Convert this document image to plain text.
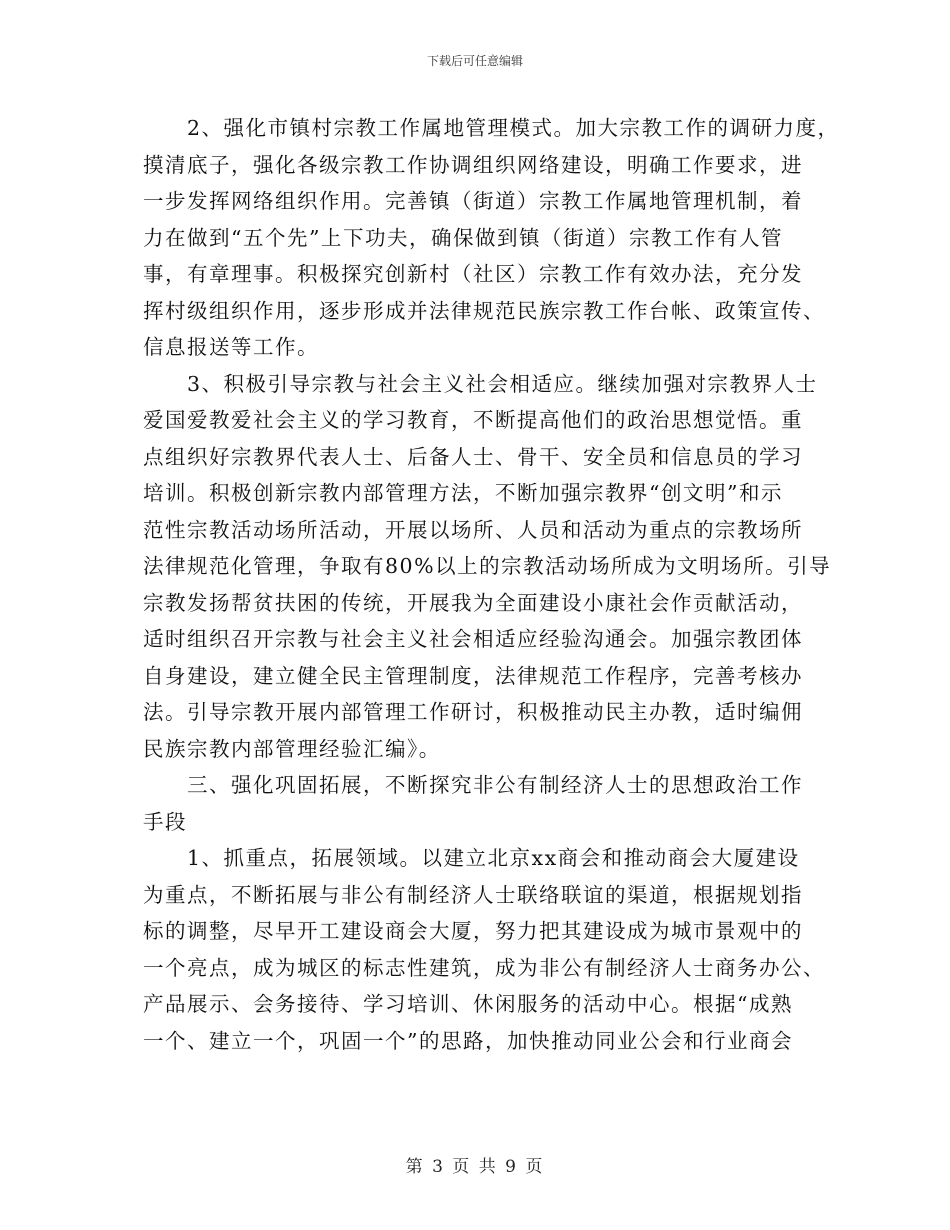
下载后可任意编辑
2、强化市镇村宗教工作属地管理模式。加大宗教工作的调研力度，
摸清底子，强化各级宗教工作协调组织网络建设，明确工作要求，进
一步发挥网络组织作用。完善镇（街道）宗教工作属地管理机制，着
力在做到“五个先”上下功夫，确保做到镇（街道）宗教工作有人管
事，有章理事。积极探究创新村（社区）宗教工作有效办法，充分发
挥村级组织作用，逐步形成并法律规范民族宗教工作台帐、政策宣传、
信息报送等工作。
3、积极引导宗教与社会主义社会相适应。继续加强对宗教界人士
爱国爱教爱社会主义的学习教育，不断提高他们的政治思想觉悟。重
点组织好宗教界代表人士、后备人士、骨干、安全员和信息员的学习
培训。积极创新宗教内部管理方法，不断加强宗教界“创文明”和示
范性宗教活动场所活动，开展以场所、人员和活动为重点的宗教场所
法律规范化管理，争取有80%以上的宗教活动场所成为文明场所。引导
宗教发扬帮贫扶困的传统，开展我为全面建设小康社会作贡献活动，
适时组织召开宗教与社会主义社会相适应经验沟通会。加强宗教团体
自身建设，建立健全民主管理制度，法律规范工作程序，完善考核办
法。引导宗教开展内部管理工作研讨，积极推动民主办教，适时编佣
民族宗教内部管理经验汇编》。
三、强化巩固拓展，不断探究非公有制经济人士的思想政治工作
手段
1、抓重点，拓展领域。以建立北京xx商会和推动商会大厦建设
为重点，不断拓展与非公有制经济人士联络联谊的渠道，根据规划指
标的调整，尽早开工建设商会大厦，努力把其建设成为城市景观中的
一个亮点，成为城区的标志性建筑，成为非公有制经济人士商务办公、
产品展示、会务接待、学习培训、休闲服务的活动中心。根据“成熟
一个、建立一个，巩固一个”的思路，加快推动同业公会和行业商会
第 3 页 共 9 页
